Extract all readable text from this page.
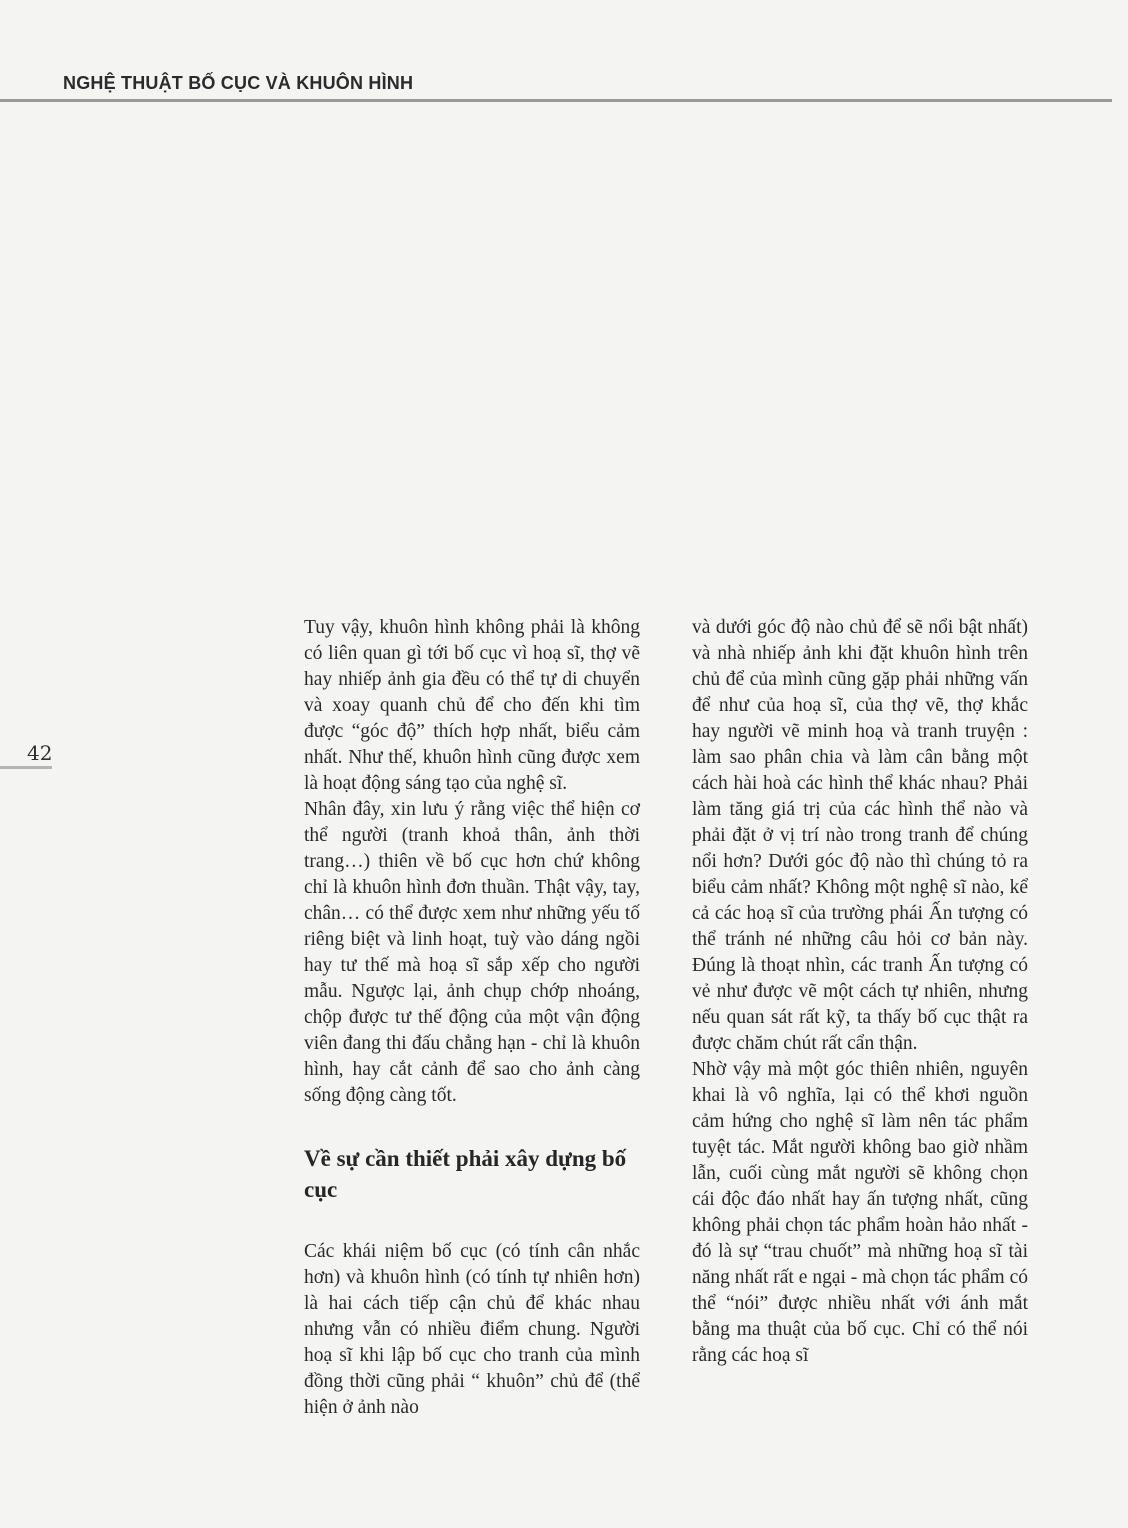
NGHỆ THUẬT BỐ CỤC VÀ KHUÔN HÌNH
42

Tuy vậy, khuôn hình không phải là không có liên quan gì tới bố cục vì hoạ sĩ, thợ vẽ hay nhiếp ảnh gia đều có thể tự di chuyển và xoay quanh chủ để cho đến khi tìm được “góc độ” thích hợp nhất, biểu cảm nhất. Như thế, khuôn hình cũng được xem là hoạt động sáng tạo của nghệ sĩ.

Nhân đây, xin lưu ý rằng việc thể hiện cơ thể người (tranh khoả thân, ảnh thời trang…) thiên về bố cục hơn chứ không chỉ là khuôn hình đơn thuần. Thật vậy, tay, chân… có thể được xem như những yếu tố riêng biệt và linh hoạt, tuỳ vào dáng ngồi hay tư thế mà hoạ sĩ sắp xếp cho người mẫu. Ngược lại, ảnh chụp chớp nhoáng, chộp được tư thế động của một vận động viên đang thi đấu chẳng hạn - chỉ là khuôn hình, hay cắt cảnh để sao cho ảnh càng sống động càng tốt.

Về sự cần thiết phải xây dựng bố cục

Các khái niệm bố cục (có tính cân nhắc hơn) và khuôn hình (có tính tự nhiên hơn) là hai cách tiếp cận chủ để khác nhau nhưng vẫn có nhiều điểm chung. Người hoạ sĩ khi lập bố cục cho tranh của mình đồng thời cũng phải “ khuôn” chủ để (thể hiện ở ảnh nào

và dưới góc độ nào chủ để sẽ nổi bật nhất) và nhà nhiếp ảnh khi đặt khuôn hình trên chủ để của mình cũng gặp phải những vấn để như của hoạ sĩ, của thợ vẽ, thợ khắc hay người vẽ minh hoạ và tranh truyện : làm sao phân chia và làm cân bằng một cách hài hoà các hình thể khác nhau? Phải làm tăng giá trị của các hình thể nào và phải đặt ở vị trí nào trong tranh để chúng nổi hơn? Dưới góc độ nào thì chúng tỏ ra biểu cảm nhất? Không một nghệ sĩ nào, kể cả các hoạ sĩ của trường phái Ấn tượng có thể tránh né những câu hỏi cơ bản này. Đúng là thoạt nhìn, các tranh Ấn tượng có vẻ như được vẽ một cách tự nhiên, nhưng nếu quan sát rất kỹ, ta thấy bố cục thật ra được chăm chút rất cẩn thận.

Nhờ vậy mà một góc thiên nhiên, nguyên khai là vô nghĩa, lại có thể khơi nguồn cảm hứng cho nghệ sĩ làm nên tác phẩm tuyệt tác. Mắt người không bao giờ nhầm lẫn, cuối cùng mắt người sẽ không chọn cái độc đáo nhất hay ấn tượng nhất, cũng không phải chọn tác phẩm hoàn hảo nhất - đó là sự “trau chuốt” mà những hoạ sĩ tài năng nhất rất e ngại - mà chọn tác phẩm có thể “nói” được nhiều nhất với ánh mắt bằng ma thuật của bố cục. Chỉ có thể nói rằng các hoạ sĩ
